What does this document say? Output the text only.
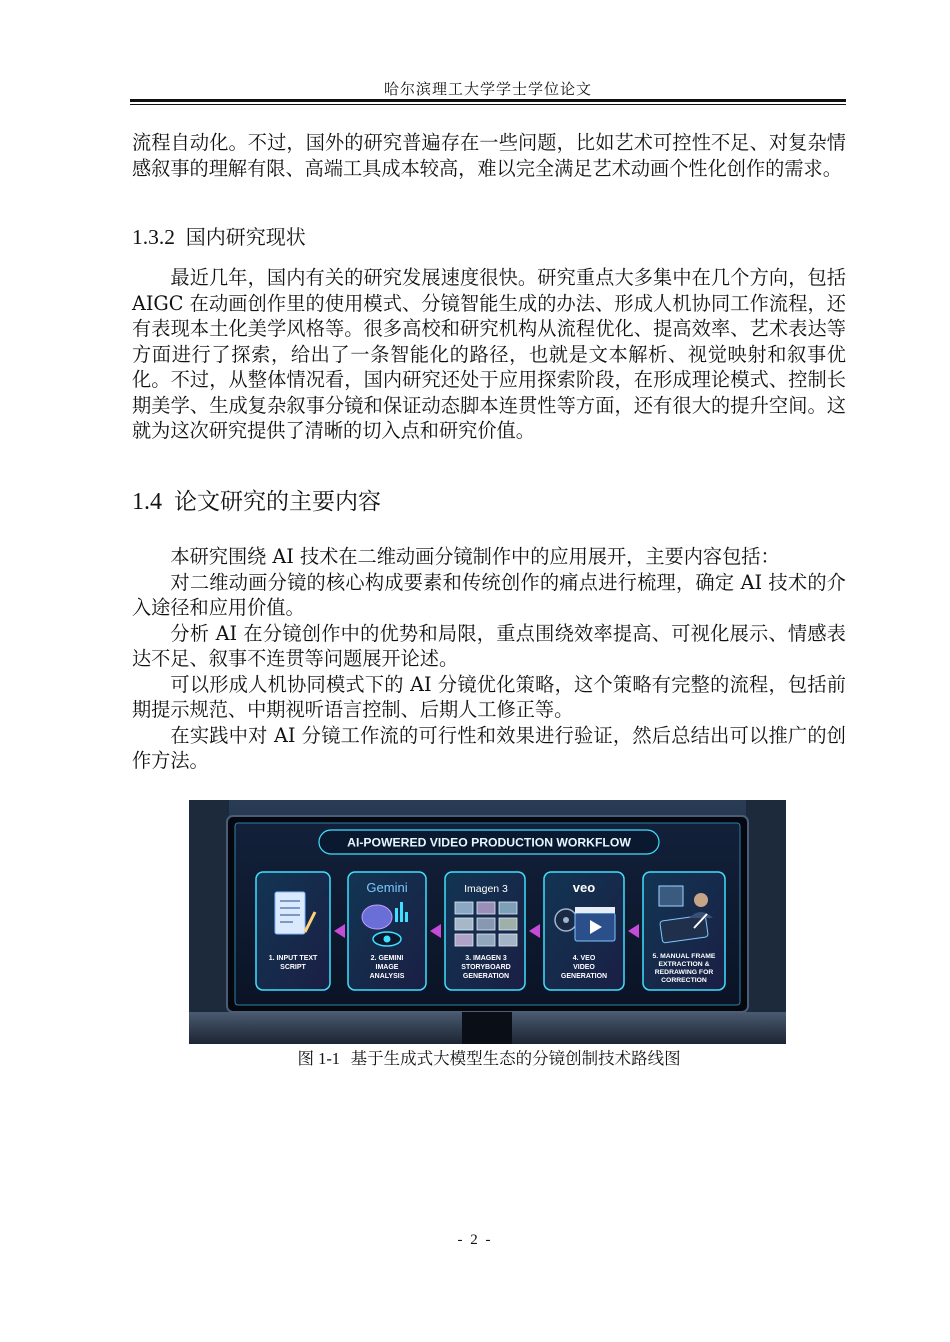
哈尔滨理工大学学士学位论文

流程自动化。不过，国外的研究普遍存在一些问题，比如艺术可控性不足、对复杂情感叙事的理解有限、高端工具成本较高，难以完全满足艺术动画个性化创作的需求。

1.3.2 国内研究现状

最近几年，国内有关的研究发展速度很快。研究重点大多集中在几个方向，包括 AIGC 在动画创作里的使用模式、分镜智能生成的办法、形成人机协同工作流程，还有表现本土化美学风格等。很多高校和研究机构从流程优化、提高效率、艺术表达等方面进行了探索，给出了一条智能化的路径，也就是文本解析、视觉映射和叙事优化。不过，从整体情况看，国内研究还处于应用探索阶段，在形成理论模式、控制长期美学、生成复杂叙事分镜和保证动态脚本连贯性等方面，还有很大的提升空间。这就为这次研究提供了清晰的切入点和研究价值。

1.4 论文研究的主要内容

本研究围绕 AI 技术在二维动画分镜制作中的应用展开，主要内容包括：

对二维动画分镜的核心构成要素和传统创作的痛点进行梳理，确定 AI 技术的介入途径和应用价值。

分析 AI 在分镜创作中的优势和局限，重点围绕效率提高、可视化展示、情感表达不足、叙事不连贯等问题展开论述。

可以形成人机协同模式下的 AI 分镜优化策略，这个策略有完整的流程，包括前期提示规范、中期视听语言控制、后期人工修正等。

在实践中对 AI 分镜工作流的可行性和效果进行验证，然后总结出可以推广的创作方法。

AI-POWERED VIDEO PRODUCTION WORKFLOW
1. INPUT TEXT
SCRIPT
Gemini
2. GEMINI
IMAGE
ANALYSIS
Imagen 3
3. IMAGEN 3
STORYBOARD
GENERATION
veo
4. VEO
VIDEO
GENERATION
5. MANUAL FRAME
EXTRACTION &
REDRAWING FOR
CORRECTION
图 1-1 基于生成式大模型生态的分镜创制技术路线图
- 2 -
